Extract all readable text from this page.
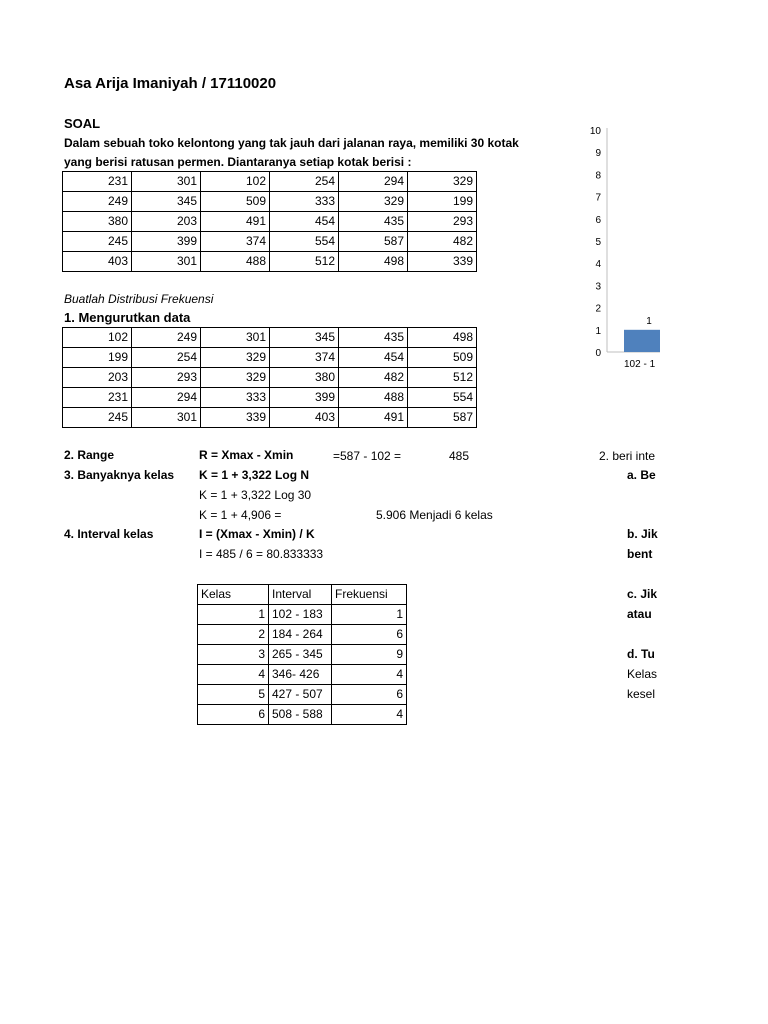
Asa Arija Imaniyah / 17110020
SOAL
Dalam sebuah toko kelontong yang tak jauh dari jalanan raya, memiliki 30 kotak
yang berisi ratusan permen. Diantaranya setiap kotak berisi :
231	301	102	254	294	329
249	345	509	333	329	199
380	203	491	454	435	293
245	399	374	554	587	482
403	301	488	512	498	339
Buatlah Distribusi Frekuensi
1. Mengurutkan data
102	249	301	345	435	498
199	254	329	374	454	509
203	293	329	380	482	512
231	294	333	399	488	554
245	301	339	403	491	587
2. Range	R = Xmax - Xmin	=587 - 102 =	485
3. Banyaknya kelas K = 1 + 3,322 Log N
K = 1 + 3,322 Log 30
K = 1 + 4,906 =	5.906 Menjadi 6 kelas
4. Interval kelas	I = (Xmax - Xmin) / K
I = 485 / 6 = 80.833333
Kelas	Interval	Frekuensi
1	102 - 183	1
2	184 - 264	6
3	265 - 345	9
4	346- 426	4
5	427 - 507	6
6	508 - 588	4
2. beri inte
a. Be
b. Jik
bent
c. Jik
atau
d. Tu
Kelas
kesel
0
1
2
3
4
5
6
7
8
9
10
1
102 - 1
